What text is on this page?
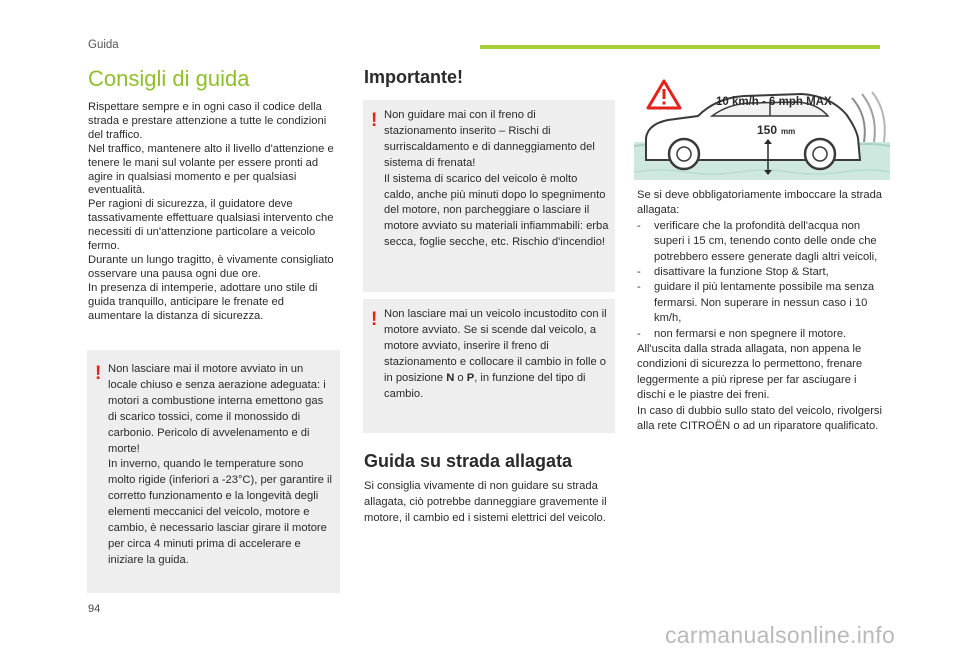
Guida
Consigli di guida

Rispettare sempre e in ogni caso il codice della strada e prestare attenzione a tutte le condizioni del traffico.

Nel traffico, mantenere alto il livello d'attenzione e tenere le mani sul volante per essere pronti ad agire in qualsiasi momento e per qualsiasi eventualità.

Per ragioni di sicurezza, il guidatore deve tassativamente effettuare qualsiasi intervento che necessiti di un'attenzione particolare a veicolo fermo.

Durante un lungo tragitto, è vivamente consigliato osservare una pausa ogni due ore.

In presenza di intemperie, adottare uno stile di guida tranquillo, anticipare le frenate ed aumentare la distanza di sicurezza.

! Non lasciare mai il motore avviato in un locale chiuso e senza aerazione adeguata: i motori a combustione interna emettono gas di scarico tossici, come il monossido di carbonio. Pericolo di avvelenamento e di morte!

In inverno, quando le temperature sono molto rigide (inferiori a -23°C), per garantire il corretto funzionamento e la longevità degli elementi meccanici del veicolo, motore e cambio, è necessario lasciar girare il motore per circa 4 minuti prima di accelerare e iniziare la guida.

Importante!
! Non guidare mai con il freno di stazionamento inserito – Rischi di surriscaldamento e di danneggiamento del sistema di frenata!

Il sistema di scarico del veicolo è molto caldo, anche più minuti dopo lo spegnimento del motore, non parcheggiare o lasciare il motore avviato su materiali infiammabili: erba secca, foglie secche, etc. Rischio d'incendio!

! Non lasciare mai un veicolo incustodito con il motore avviato. Se si scende dal veicolo, a motore avviato, inserire il freno di stazionamento e collocare il cambio in folle o in posizione N o P, in funzione del tipo di cambio.

Guida su strada allagata
Si consiglia vivamente di non guidare su strada allagata, ciò potrebbe danneggiare gravemente il motore, il cambio ed i sistemi elettrici del veicolo.
10 km/h - 6 mph MAX
150 mm

Se si deve obbligatoriamente imboccare la strada allagata:

- verificare che la profondità dell'acqua non superi i 15 cm, tenendo conto delle onde che potrebbero essere generate dagli altri veicoli,
- disattivare la funzione Stop & Start,
- guidare il più lentamente possibile ma senza fermarsi. Non superare in nessun caso i 10 km/h,
- non fermarsi e non spegnere il motore.

All'uscita dalla strada allagata, non appena le condizioni di sicurezza lo permettono, frenare leggermente a più riprese per far asciugare i dischi e le piastre dei freni.

In caso di dubbio sullo stato del veicolo, rivolgersi alla rete CITROËN o ad un riparatore qualificato.

94
carmanualsonline.info
